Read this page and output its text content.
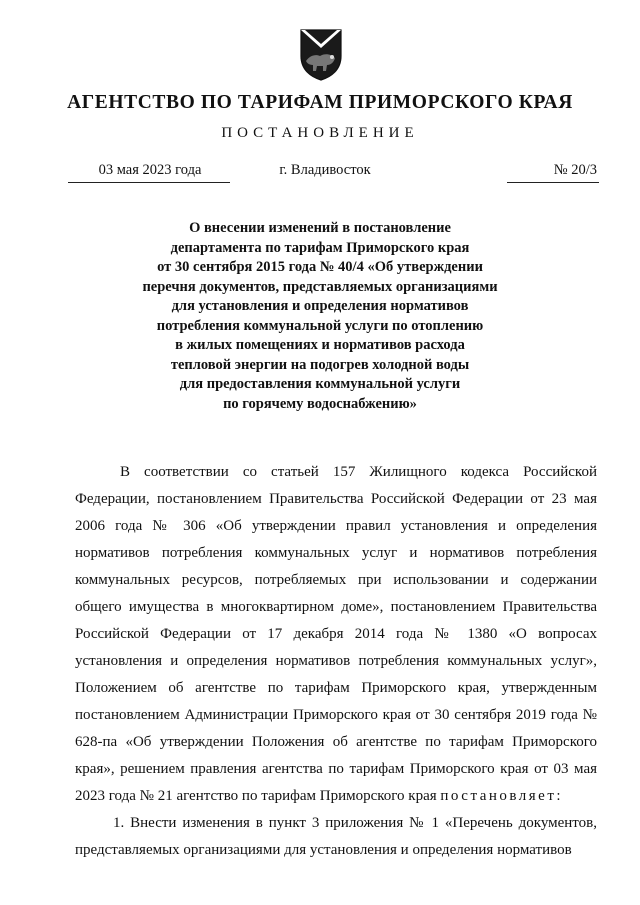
АГЕНТСТВО ПО ТАРИФАМ ПРИМОРСКОГО КРАЯ
ПОСТАНОВЛЕНИЕ
03 мая 2023 года	г. Владивосток	№ 20/3
О внесении изменений в постановление
департамента по тарифам Приморского края
от 30 сентября 2015 года № 40/4 «Об утверждении
перечня документов, представляемых организациями
для установления и определения нормативов
потребления коммунальной услуги по отоплению
в жилых помещениях и нормативов расхода
тепловой энергии на подогрев холодной воды
для предоставления коммунальной услуги
по горячему водоснабжению»

В соответствии со статьей 157 Жилищного кодекса Российской Федерации, постановлением Правительства Российской Федерации от 23 мая 2006 года № 306 «Об утверждении правил установления и определения нормативов потребления коммунальных услуг и нормативов потребления коммунальных ресурсов, потребляемых при использовании и содержании общего имущества в многоквартирном доме», постановлением Правительства Российской Федерации от 17 декабря 2014 года № 1380 «О вопросах установления и определения нормативов потребления коммунальных услуг», Положением об агентстве по тарифам Приморского края, утвержденным постановлением Администрации Приморского края от 30 сентября 2019 года № 628-па «Об утверждении Положения об агентстве по тарифам Приморского края», решением правления агентства по тарифам Приморского края от 03 мая 2023 года № 21 агентство по тарифам Приморского края постановляет:

1. Внести изменения в пункт 3 приложения № 1 «Перечень документов, представляемых организациями для установления и определения нормативов
